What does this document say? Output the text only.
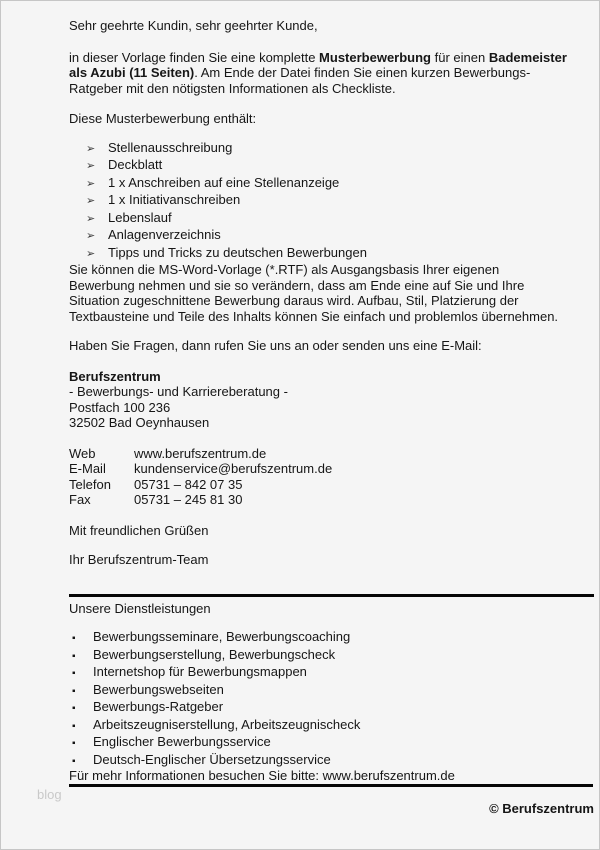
Sehr geehrte Kundin, sehr geehrter Kunde,

in dieser Vorlage finden Sie eine komplette Musterbewerbung für einen Bademeister als Azubi (11 Seiten). Am Ende der Datei finden Sie einen kurzen Bewerbungs-Ratgeber mit den nötigsten Informationen als Checkliste.

Diese Musterbewerbung enthält:

➢ Stellenausschreibung
➢ Deckblatt
➢ 1 x Anschreiben auf eine Stellenanzeige
➢ 1 x Initiativanschreiben
➢ Lebenslauf
➢ Anlagenverzeichnis
➢ Tipps und Tricks zu deutschen Bewerbungen

Sie können die MS-Word-Vorlage (*.RTF) als Ausgangsbasis Ihrer eigenen Bewerbung nehmen und sie so verändern, dass am Ende eine auf Sie und Ihre Situation zugeschnittene Bewerbung daraus wird. Aufbau, Stil, Platzierung der Textbausteine und Teile des Inhalts können Sie einfach und problemlos übernehmen.

Haben Sie Fragen, dann rufen Sie uns an oder senden uns eine E-Mail:

Berufszentrum

- Bewerbungs- und Karriereberatung -

Postfach 100 236

32502 Bad Oeynhausen

Web	www.berufszentrum.de
E-Mail	kundenservice@berufszentrum.de
Telefon	05731 – 842 07 35
Fax	05731 – 245 81 30

Mit freundlichen Grüßen

Ihr Berufszentrum-Team

Unsere Dienstleistungen

▪	Bewerbungsseminare, Bewerbungscoaching
▪	Bewerbungserstellung, Bewerbungscheck
▪	Internetshop für Bewerbungsmappen
▪	Bewerbungswebseiten
▪	Bewerbungs-Ratgeber
▪	Arbeitszeugniserstellung, Arbeitszeugnischeck
▪	Englischer Bewerbungsservice
▪	Deutsch-Englischer Übersetzungsservice

Für mehr Informationen besuchen Sie bitte: www.berufszentrum.de

© Berufszentrum

blog
